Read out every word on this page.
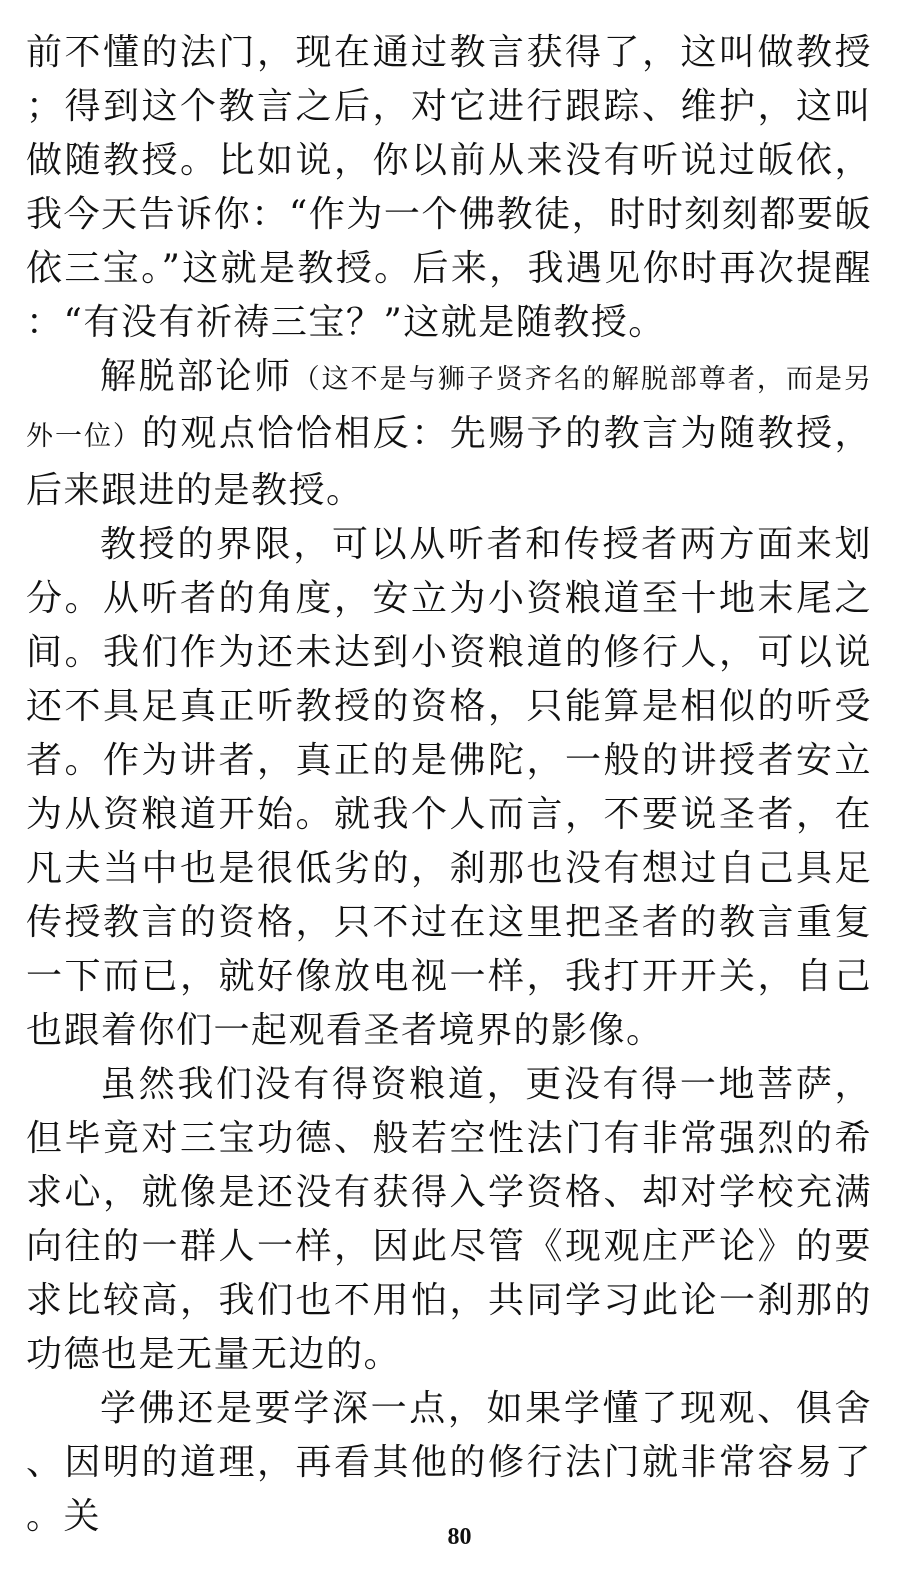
前不懂的法门，现在通过教言获得了，这叫做教授；得到这个教言之后，对它进行跟踪、维护，这叫做随教授。比如说，你以前从来没有听说过皈依，我今天告诉你：“作为一个佛教徒，时时刻刻都要皈依三宝。”这就是教授。后来，我遇见你时再次提醒：“有没有祈祷三宝？”这就是随教授。

解脱部论师（这不是与狮子贤齐名的解脱部尊者，而是另外一位）的观点恰恰相反：先赐予的教言为随教授，后来跟进的是教授。

教授的界限，可以从听者和传授者两方面来划分。从听者的角度，安立为小资粮道至十地末尾之间。我们作为还未达到小资粮道的修行人，可以说还不具足真正听教授的资格，只能算是相似的听受者。作为讲者，真正的是佛陀，一般的讲授者安立为从资粮道开始。就我个人而言，不要说圣者，在凡夫当中也是很低劣的，刹那也没有想过自己具足传授教言的资格，只不过在这里把圣者的教言重复一下而已，就好像放电视一样，我打开开关，自己也跟着你们一起观看圣者境界的影像。

虽然我们没有得资粮道，更没有得一地菩萨，但毕竟对三宝功德、般若空性法门有非常强烈的希求心，就像是还没有获得入学资格、却对学校充满向往的一群人一样，因此尽管《现观庄严论》的要求比较高，我们也不用怕，共同学习此论一刹那的功德也是无量无边的。

学佛还是要学深一点，如果学懂了现观、俱舍、因明的道理，再看其他的修行法门就非常容易了。关	80
